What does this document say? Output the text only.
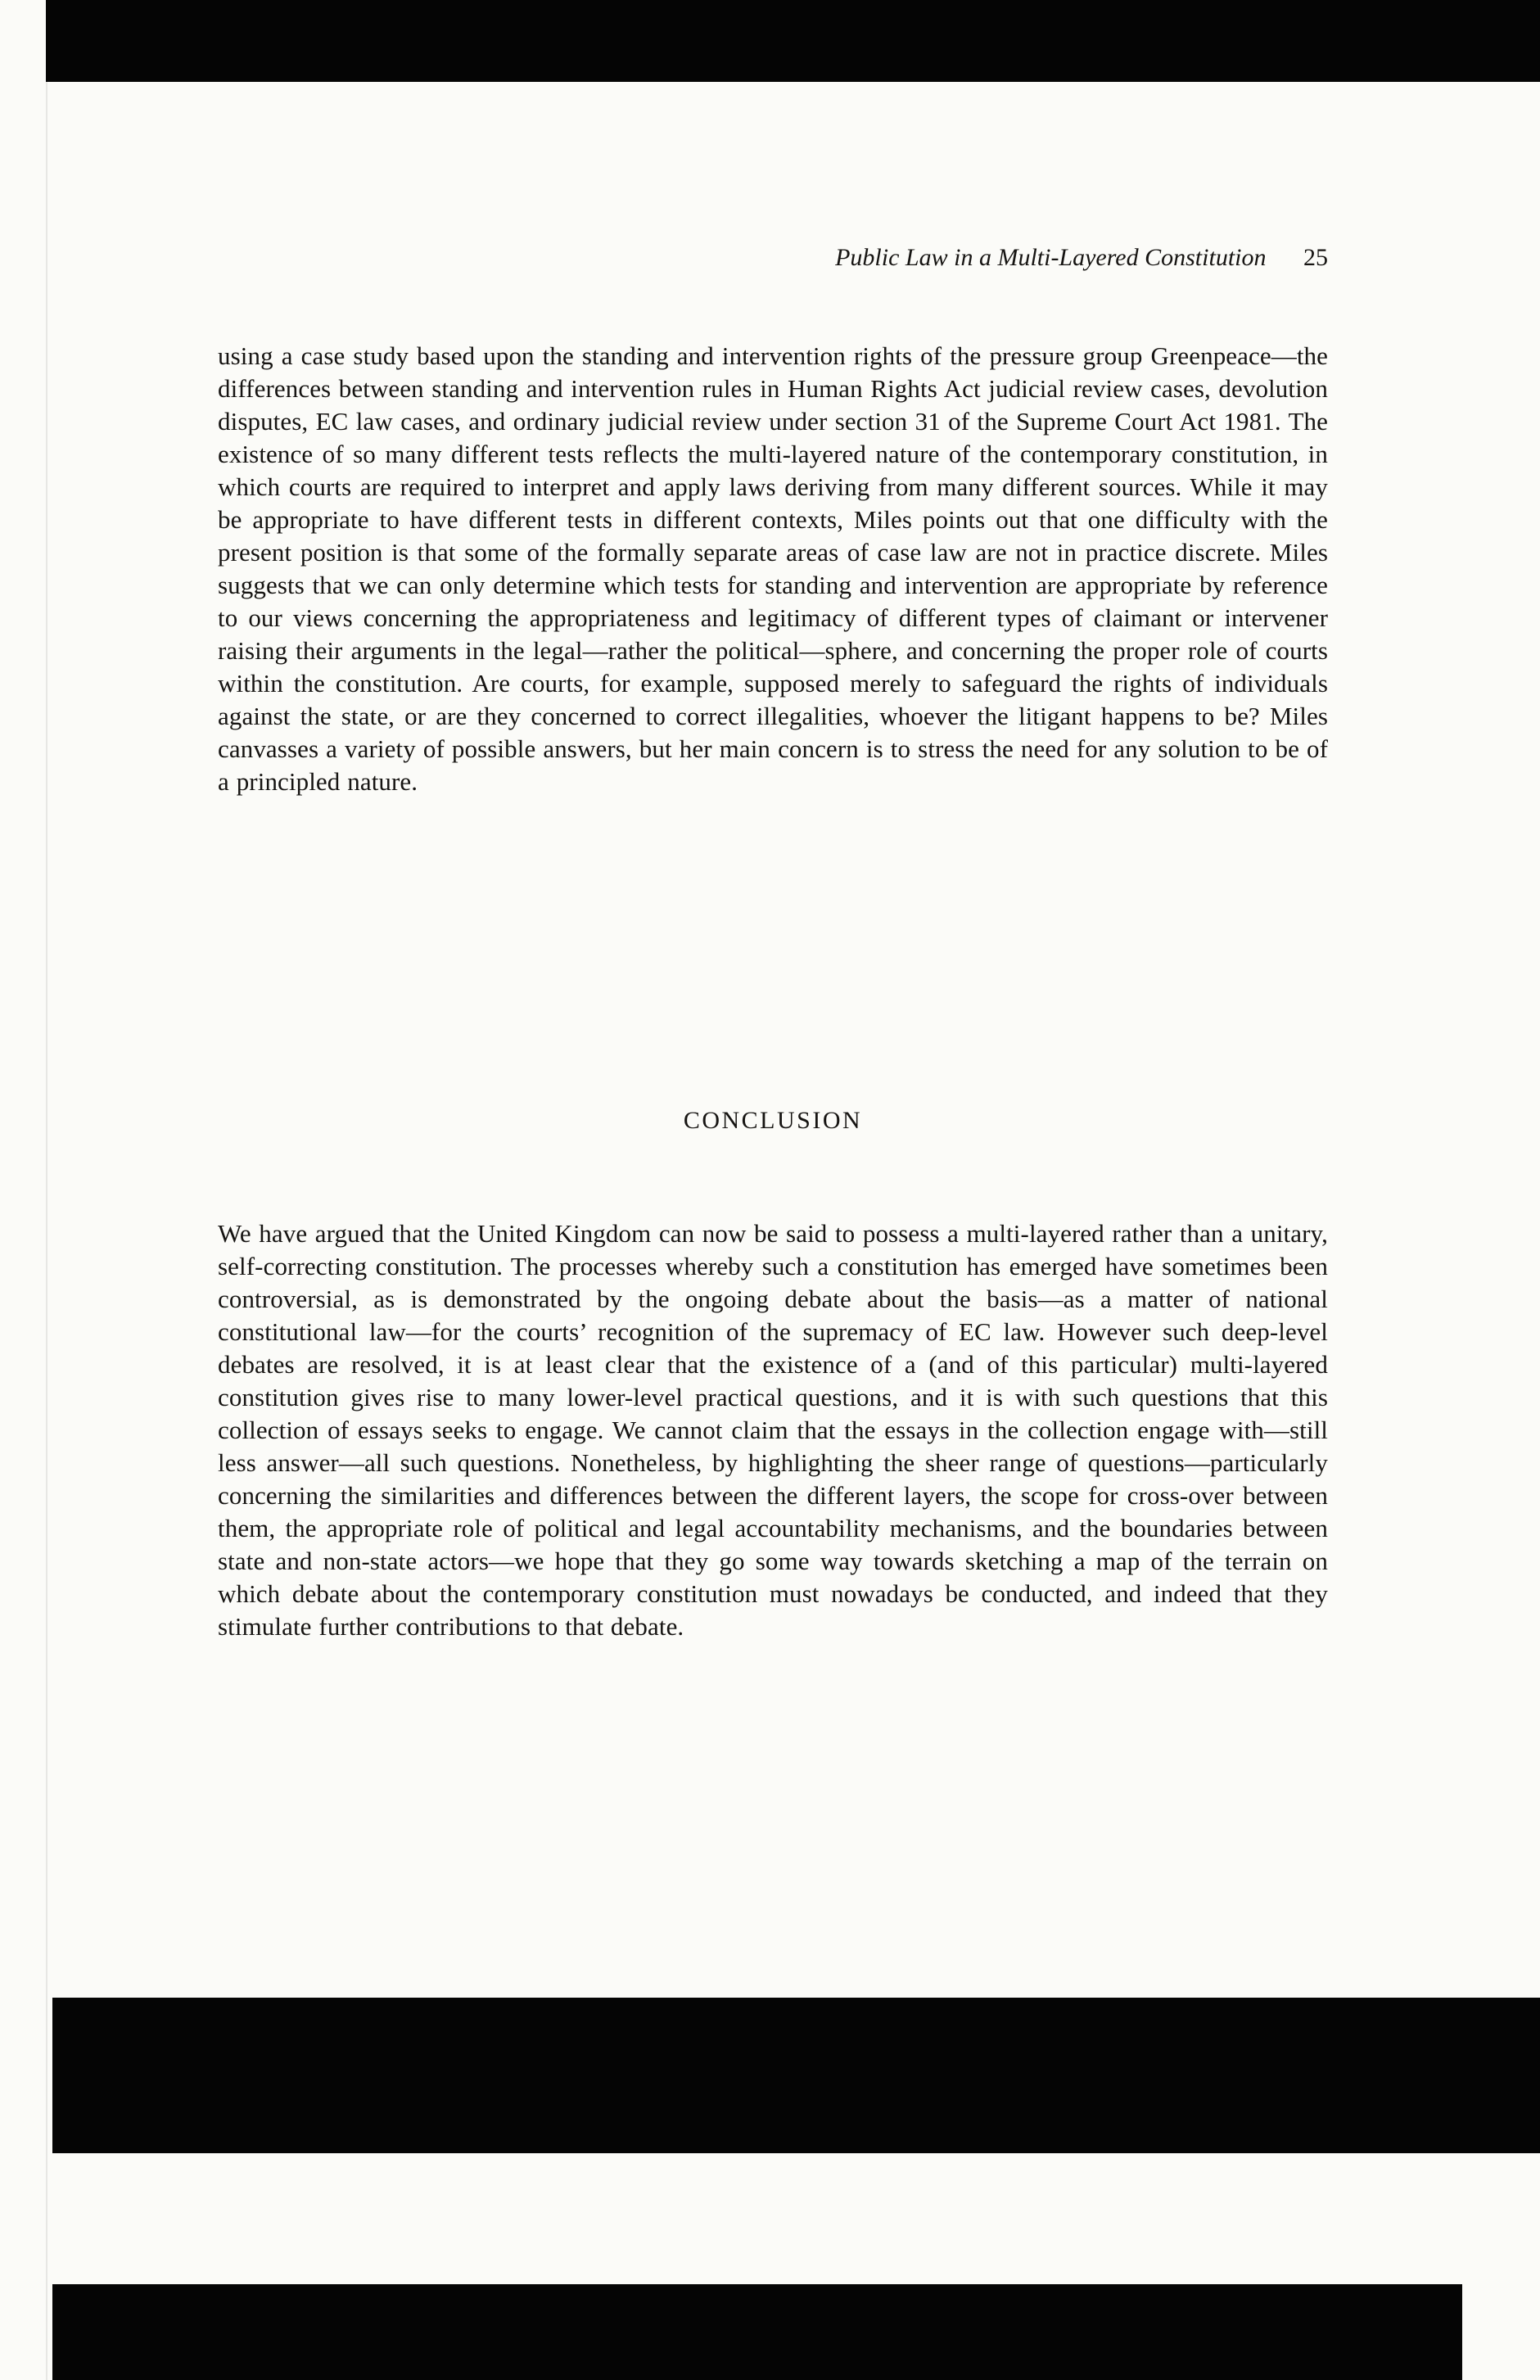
Public Law in a Multi-Layered Constitution 25

using a case study based upon the standing and intervention rights of the pressure group Greenpeace—the differences between standing and intervention rules in Human Rights Act judicial review cases, devolution disputes, EC law cases, and ordinary judicial review under section 31 of the Supreme Court Act 1981. The existence of so many different tests reflects the multi-layered nature of the contemporary constitution, in which courts are required to interpret and apply laws deriving from many different sources. While it may be appropriate to have different tests in different contexts, Miles points out that one difficulty with the present position is that some of the formally separate areas of case law are not in practice discrete. Miles suggests that we can only determine which tests for standing and intervention are appropriate by reference to our views concerning the appropriateness and legitimacy of different types of claimant or intervener raising their arguments in the legal—rather the political—sphere, and concerning the proper role of courts within the constitution. Are courts, for example, supposed merely to safeguard the rights of individuals against the state, or are they concerned to correct illegalities, whoever the litigant happens to be? Miles canvasses a variety of possible answers, but her main concern is to stress the need for any solution to be of a principled nature.

CONCLUSION

We have argued that the United Kingdom can now be said to possess a multi-layered rather than a unitary, self-correcting constitution. The processes whereby such a constitution has emerged have sometimes been controversial, as is demonstrated by the ongoing debate about the basis—as a matter of national constitutional law—for the courts’ recognition of the supremacy of EC law. However such deep-level debates are resolved, it is at least clear that the existence of a (and of this particular) multi-layered constitution gives rise to many lower-level practical questions, and it is with such questions that this collection of essays seeks to engage. We cannot claim that the essays in the collection engage with—still less answer—all such questions. Nonetheless, by highlighting the sheer range of questions—particularly concerning the similarities and differences between the different layers, the scope for cross-over between them, the appropriate role of political and legal accountability mechanisms, and the boundaries between state and non-state actors—we hope that they go some way towards sketching a map of the terrain on which debate about the contemporary constitution must nowadays be conducted, and indeed that they stimulate further contributions to that debate.
